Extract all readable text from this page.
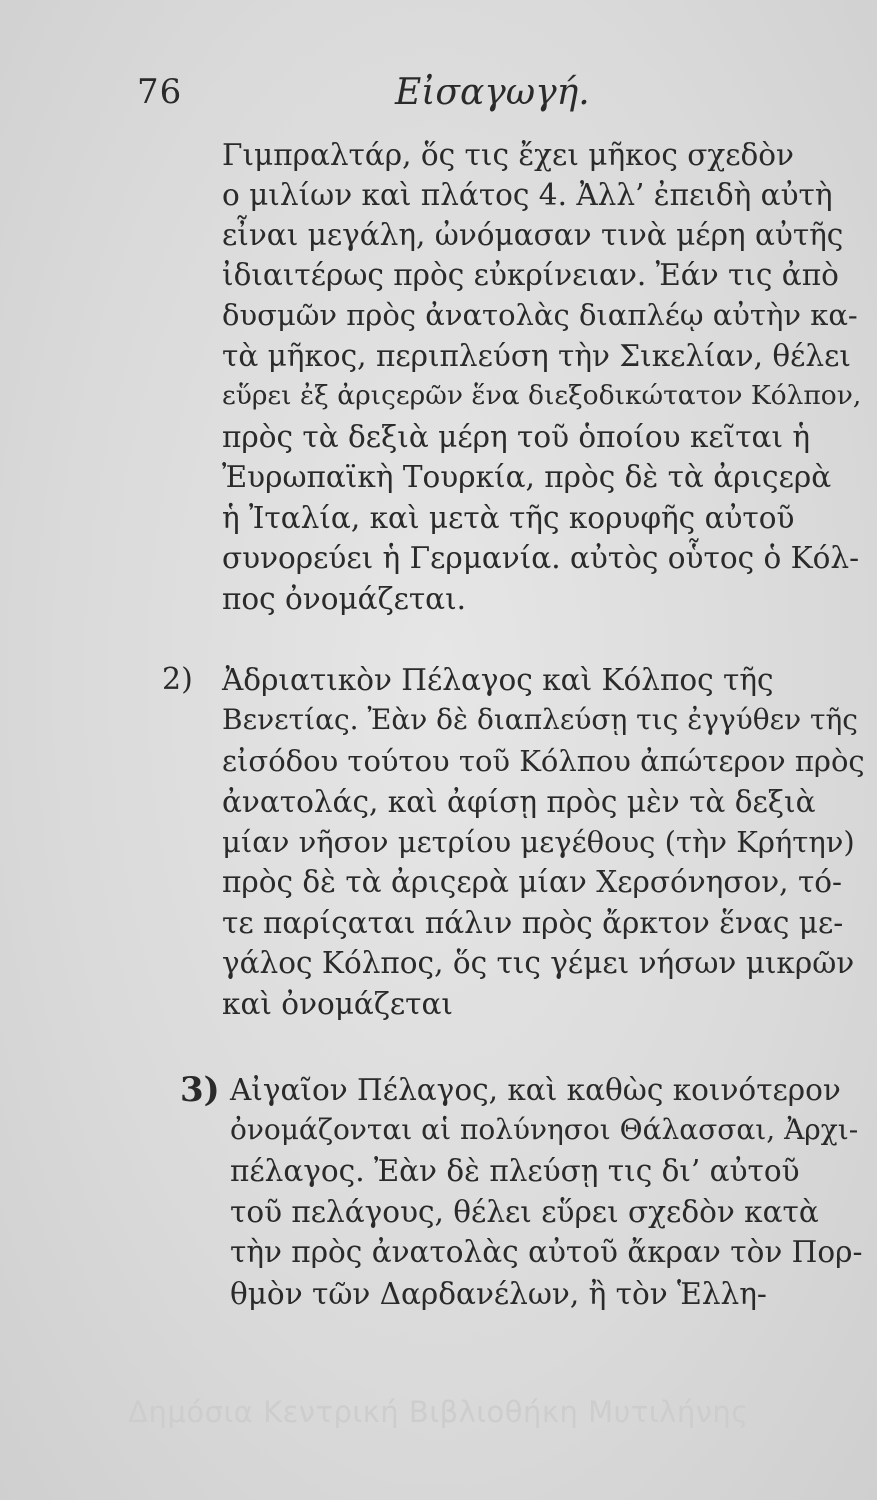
76	Εἰσαγωγή.
Γιμπραλτάρ, ὅς τις ἔχει μῆκος σχεδὸν
ο μιλίων καὶ πλάτος 4. Ἀλλ’ ἐπειδὴ αὐτὴ
εἶναι μεγάλη, ὠνόμασαν τινὰ μέρη αὐτῆς
ἰδιαιτέρως πρὸς εὐκρίνειαν. Ἐάν τις ἀπὸ
δυσμῶν πρὸς ἀνατολὰς διαπλέῳ αὐτὴν κα-
τὰ μῆκος, περιπλεύση τὴν Σικελίαν, θέλει
εὕρει ἐξ ἀριςερῶν ἕνα διεξοδικώτατον Κόλπον,
πρὸς τὰ δεξιὰ μέρη τοῦ ὁποίου κεῖται ἡ
Ἐυρωπαϊκὴ Τουρκία, πρὸς δὲ τὰ ἀριςερὰ
ἡ Ἰταλία, καὶ μετὰ τῆς κορυφῆς αὐτοῦ
συνορεύει ἡ Γερμανία. αὐτὸς οὗτος ὁ Κόλ-
πος ὀνομάζεται.
2) Ἀδριατικὸν Πέλαγος καὶ Κόλπος τῆς
Βενετίας. Ἐὰν δὲ διαπλεύσῃ τις ἐγγύθεν τῆς
εἰσόδου τούτου τοῦ Κόλπου ἀπώτερον πρὸς
ἀνατολάς, καὶ ἀφίσῃ πρὸς μὲν τὰ δεξιὰ
μίαν νῆσον μετρίου μεγέθους (τὴν Κρήτην)
πρὸς δὲ τὰ ἀριςερὰ μίαν Χερσόνησον, τό-
τε παρίςαται πάλιν πρὸς ἄρκτον ἕνας με-
γάλος Κόλπος, ὅς τις γέμει νήσων μικρῶν
καὶ ὀνομάζεται
3) Αἰγαῖον Πέλαγος, καὶ καθὼς κοινότερον
ὀνομάζονται αἱ πολύνησοι Θάλασσαι, Ἀρχι-
πέλαγος. Ἐὰν δὲ πλεύσῃ τις δι’ αὐτοῦ
τοῦ πελάγους, θέλει εὕρει σχεδὸν κατὰ
τὴν πρὸς ἀνατολὰς αὐτοῦ ἄκραν τὸν Πορ-
θμὸν τῶν Δαρδανέλων, ἢ τὸν Ἑλλη-
Δημόσια Κεντρική Βιβλιοθήκη Μυτιλήνης
